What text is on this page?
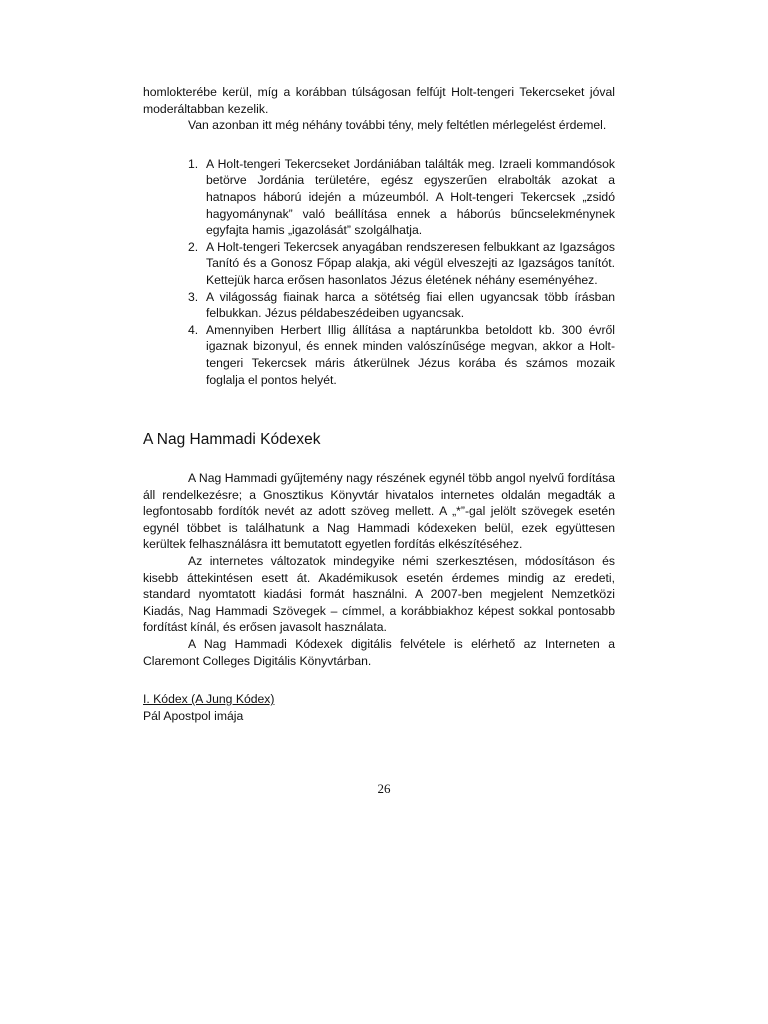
homlokterébe kerül, míg a korábban túlságosan felfújt Holt-tengeri Tekercseket jóval moderáltabban kezelik.

Van azonban itt még néhány további tény, mely feltétlen mérlegelést érdemel.

1. A Holt-tengeri Tekercseket Jordániában találták meg. Izraeli kommandósok betörve Jordánia területére, egész egyszerűen elrabolták azokat a hatnapos háború idején a múzeumból. A Holt-tengeri Tekercsek „zsidó hagyománynak” való beállítása ennek a háborús bűncselekménynek egyfajta hamis „igazolását” szolgálhatja.
2. A Holt-tengeri Tekercsek anyagában rendszeresen felbukkant az Igazságos Tanító és a Gonosz Főpap alakja, aki végül elveszejti az Igazságos tanítót. Kettejük harca erősen hasonlatos Jézus életének néhány eseményéhez.
3. A világosság fiainak harca a sötétség fiai ellen ugyancsak több írásban felbukkan. Jézus példabeszédeiben ugyancsak.
4. Amennyiben Herbert Illig állítása a naptárunkba betoldott kb. 300 évről igaznak bizonyul, és ennek minden valószínűsége megvan, akkor a Holt-tengeri Tekercsek máris átkerülnek Jézus korába és számos mozaik foglalja el pontos helyét.
A Nag Hammadi Kódexek

A Nag Hammadi gyűjtemény nagy részének egynél több angol nyelvű fordítása áll rendelkezésre; a Gnosztikus Könyvtár hivatalos internetes oldalán megadták a legfontosabb fordítók nevét az adott szöveg mellett. A „*”-gal jelölt szövegek esetén egynél többet is találhatunk a Nag Hammadi kódexeken belül, ezek együttesen kerültek felhasználásra itt bemutatott egyetlen fordítás elkészítéséhez.

Az internetes változatok mindegyike némi szerkesztésen, módosításon és kisebb áttekintésen esett át. Akadémikusok esetén érdemes mindig az eredeti, standard nyomtatott kiadási formát használni. A 2007-ben megjelent Nemzetközi Kiadás, Nag Hammadi Szövegek – címmel, a korábbiakhoz képest sokkal pontosabb fordítást kínál, és erősen javasolt használata.

A Nag Hammadi Kódexek digitális felvétele is elérhető az Interneten a Claremont Colleges Digitális Könyvtárban.

I. Kódex (A Jung Kódex)

Pál Apostpol imája

26
